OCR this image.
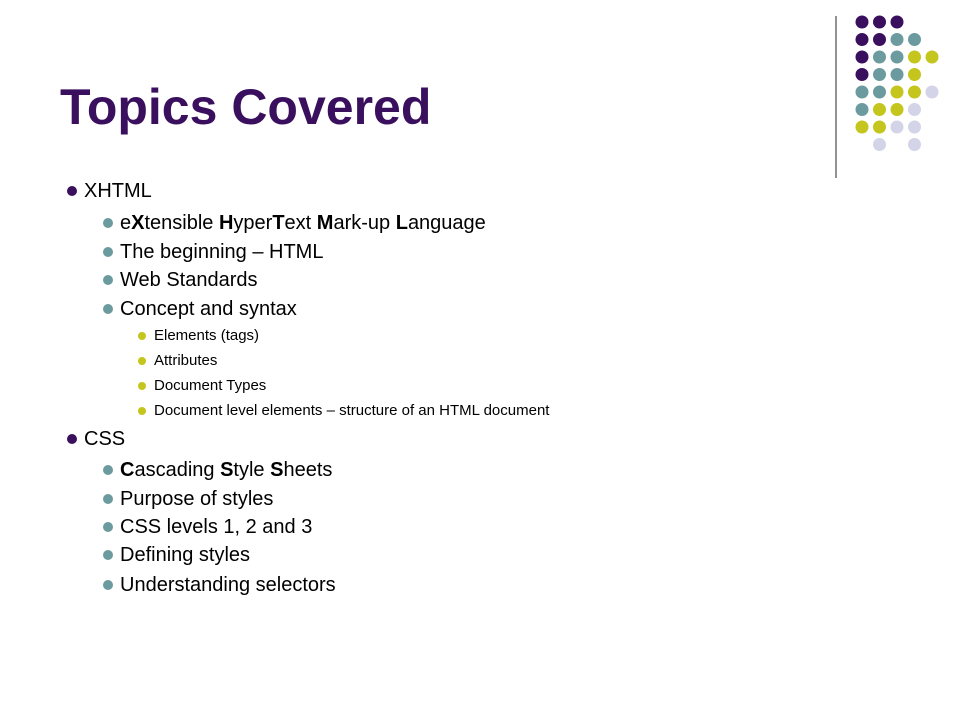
Topics Covered
XHTML
eXtensible HyperText Mark-up Language
The beginning – HTML
Web Standards
Concept and syntax
Elements (tags)
Attributes
Document Types
Document level elements – structure of an HTML document
CSS
Cascading Style Sheets
Purpose of styles
CSS levels 1, 2 and 3
Defining styles
Understanding selectors
